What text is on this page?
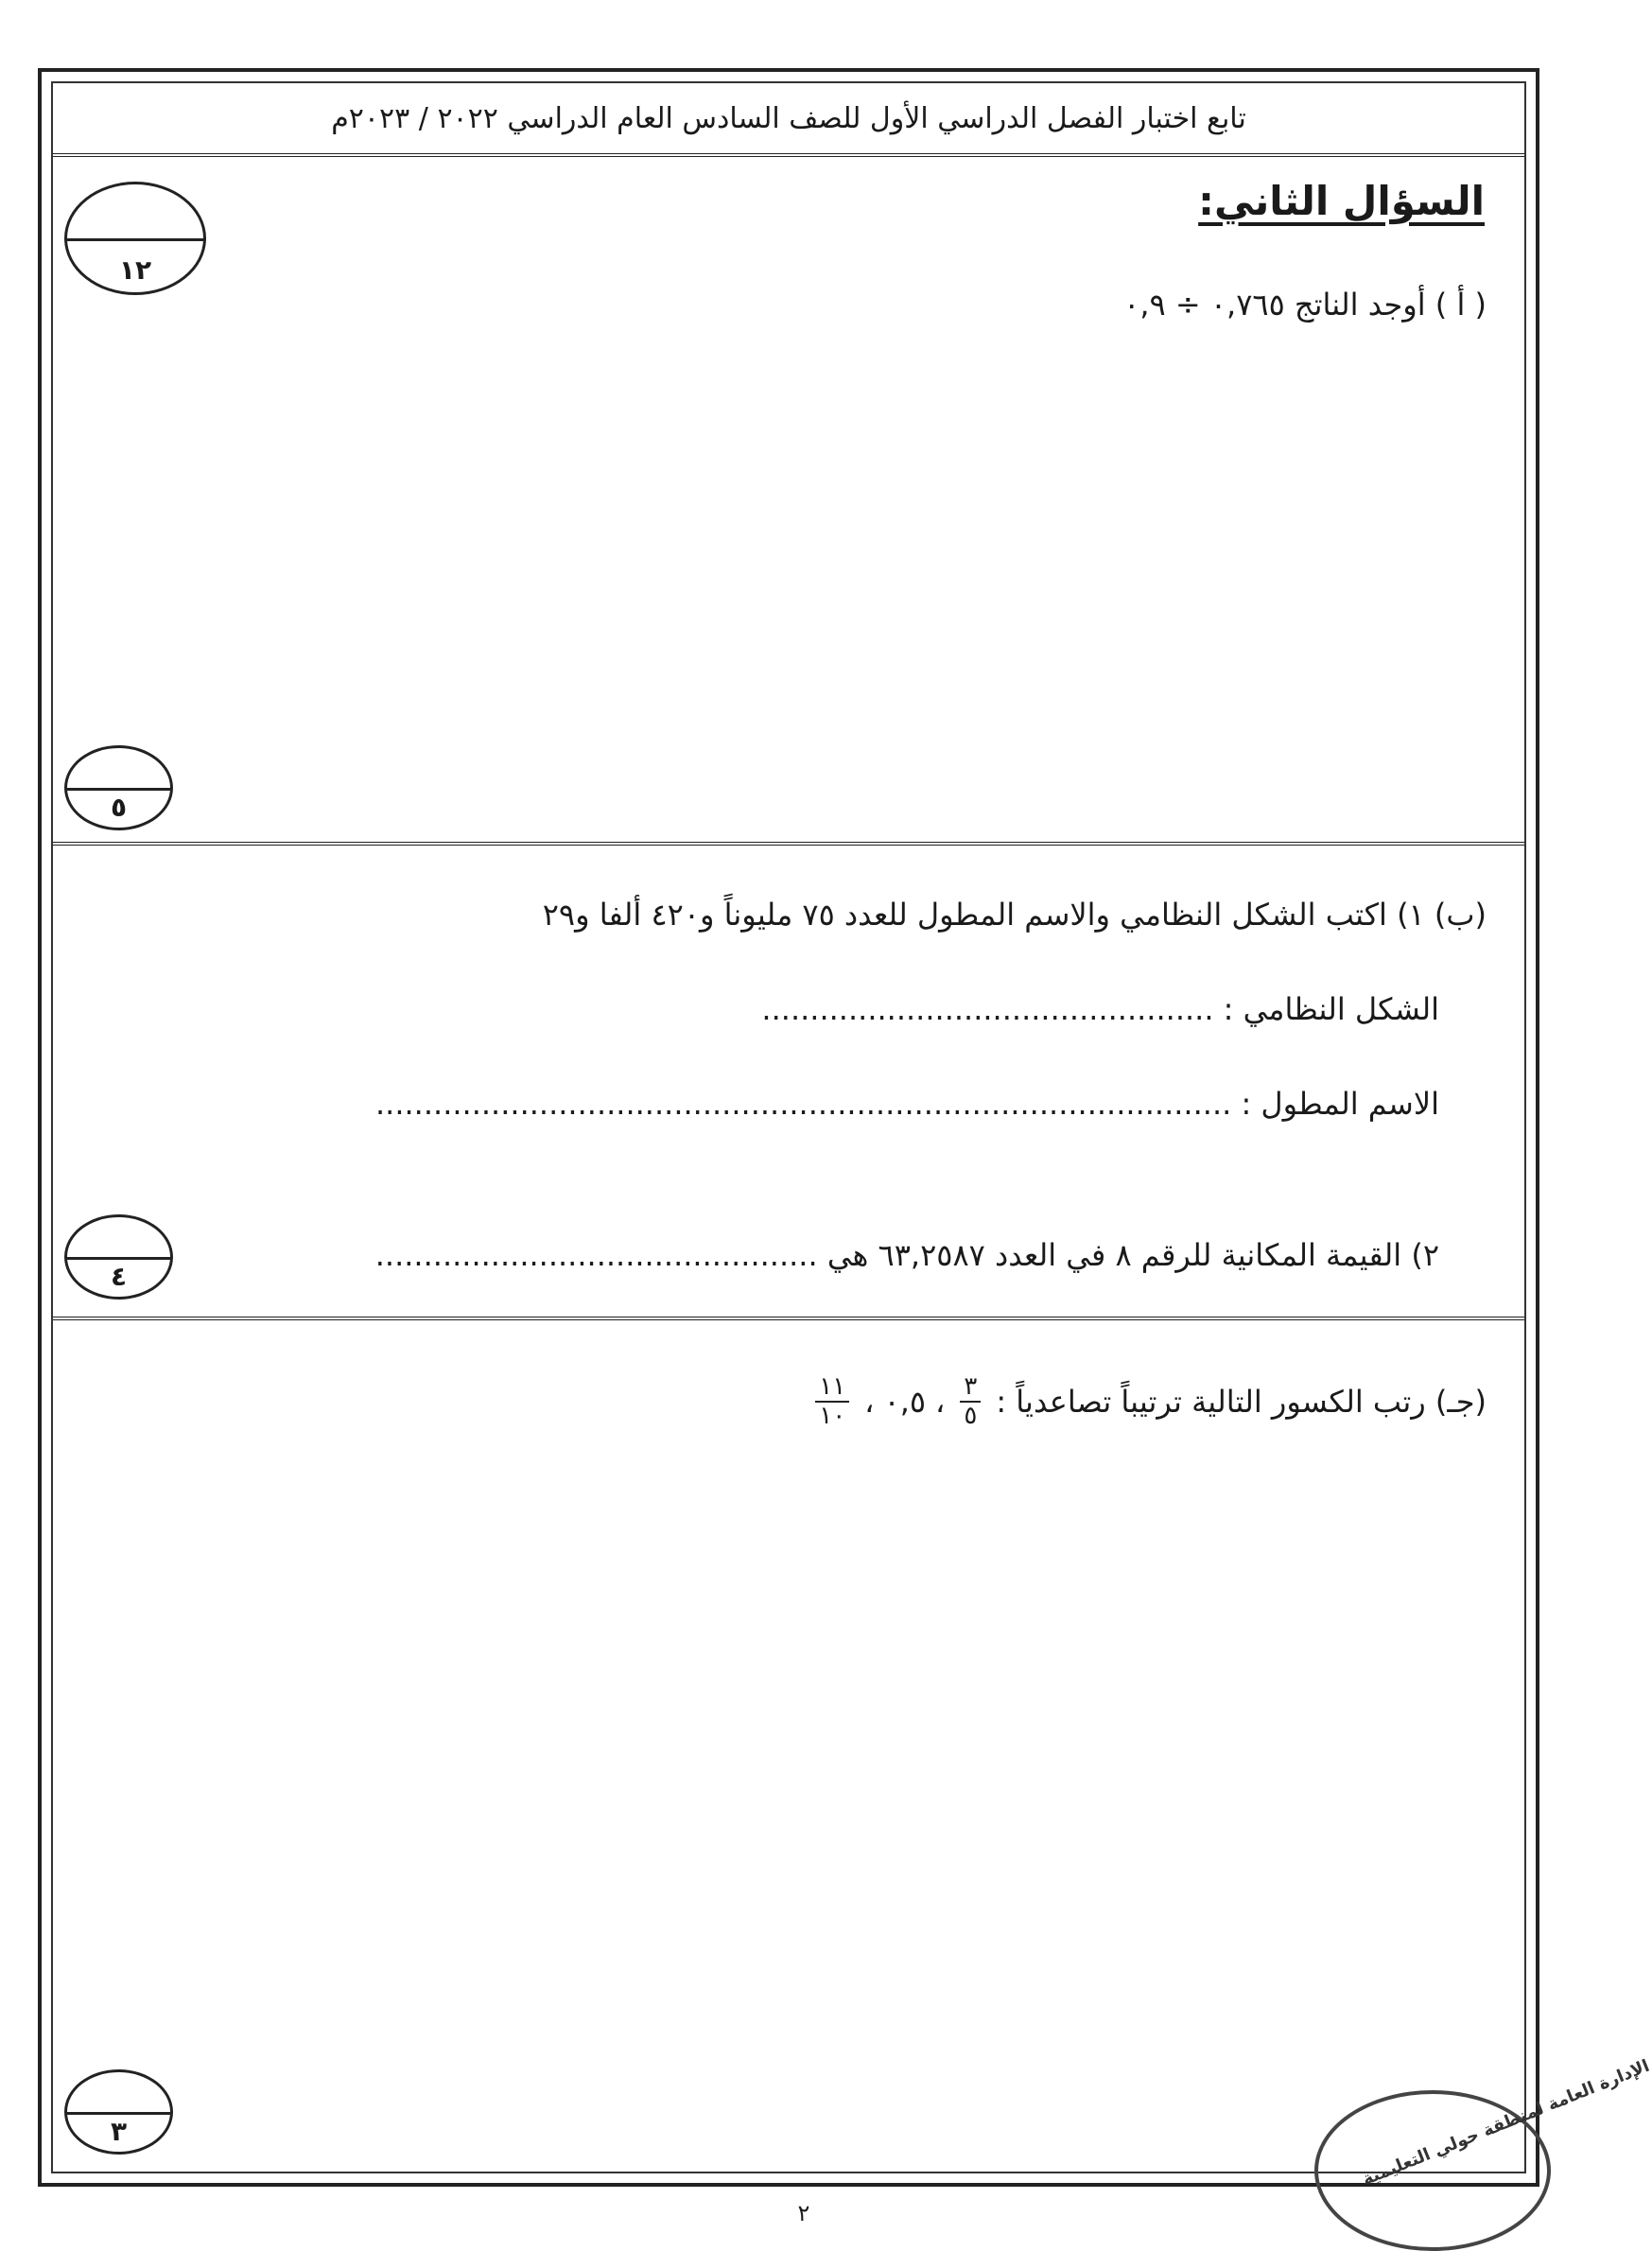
تابع اختبار الفصل الدراسي الأول للصف السادس العام الدراسي ٢٠٢٢ / ٢٠٢٣م
السؤال الثاني:
( أ ) أوجد الناتج ٠,٧٦٥ ÷ ٠,٩
١٢
٥
(ب) ١) اكتب الشكل النظامي والاسم المطول للعدد ٧٥ مليوناً و٤٢٠ ألفا و٢٩
الشكل النظامي : ...............................................
الاسم المطول : .........................................................................................
٢) القيمة المكانية للرقم ٨ في العدد ٦٣,٢٥٨٧ هي ..............................................
٤
(جـ) رتب الكسور التالية ترتيباً تصاعدياً :
$\frac{٣}{٥}$
،
٠,٥
،
$\frac{١١}{١٠}$
٣
٢
الإدارة العامة لمنطقة حولي التعليمية
